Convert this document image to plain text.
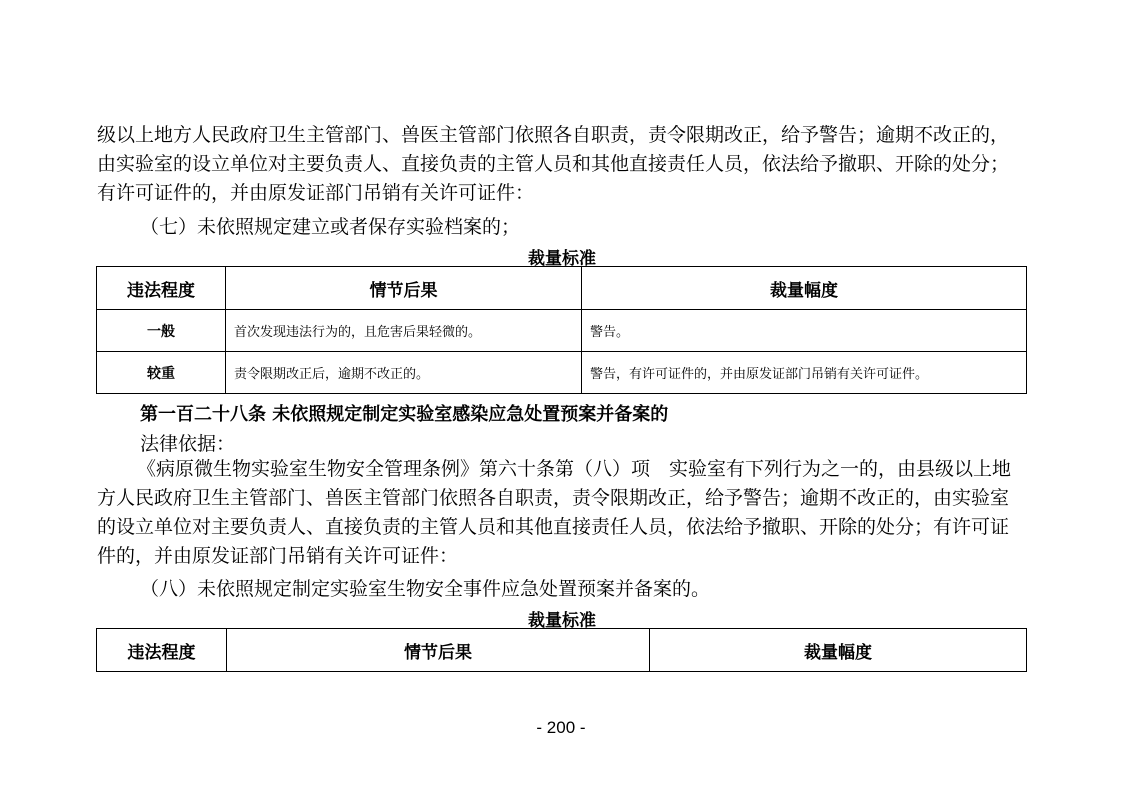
级以上地方人民政府卫生主管部门、兽医主管部门依照各自职责，责令限期改正，给予警告；逾期不改正的，由实验室的设立单位对主要负责人、直接负责的主管人员和其他直接责任人员，依法给予撤职、开除的处分；有许可证件的，并由原发证部门吊销有关许可证件：

（七）未依照规定建立或者保存实验档案的；
裁量标准
违法程度	情节后果	裁量幅度
一般	首次发现违法行为的，且危害后果轻微的。	警告。
较重	责令限期改正后，逾期不改正的。	警告，有许可证件的，并由原发证部门吊销有关许可证件。
第一百二十八条 未依照规定制定实验室感染应急处置预案并备案的
法律依据：

《病原微生物实验室生物安全管理条例》第六十条第（八）项　实验室有下列行为之一的，由县级以上地方人民政府卫生主管部门、兽医主管部门依照各自职责，责令限期改正，给予警告；逾期不改正的，由实验室的设立单位对主要负责人、直接负责的主管人员和其他直接责任人员，依法给予撤职、开除的处分；有许可证件的，并由原发证部门吊销有关许可证件：

（八）未依照规定制定实验室生物安全事件应急处置预案并备案的。
裁量标准
违法程度	情节后果	裁量幅度
- 200 -
